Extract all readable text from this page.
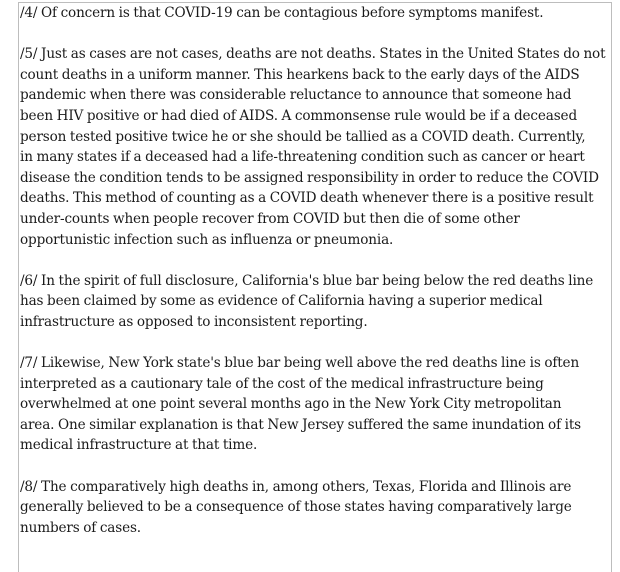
/4/ Of concern is that COVID-19 can be contagious before symptoms manifest.

/5/ Just as cases are not cases, deaths are not deaths. States in the United States do not
count deaths in a uniform manner. This hearkens back to the early days of the AIDS
pandemic when there was considerable reluctance to announce that someone had
been HIV positive or had died of AIDS. A commonsense rule would be if a deceased
person tested positive twice he or she should be tallied as a COVID death. Currently,
in many states if a deceased had a life-threatening condition such as cancer or heart
disease the condition tends to be assigned responsibility in order to reduce the COVID
deaths. This method of counting as a COVID death whenever there is a positive result
under-counts when people recover from COVID but then die of some other
opportunistic infection such as influenza or pneumonia.

/6/ In the spirit of full disclosure, California's blue bar being below the red deaths line
has been claimed by some as evidence of California having a superior medical
infrastructure as opposed to inconsistent reporting.

/7/ Likewise, New York state's blue bar being well above the red deaths line is often
interpreted as a cautionary tale of the cost of the medical infrastructure being
overwhelmed at one point several months ago in the New York City metropolitan
area. One similar explanation is that New Jersey suffered the same inundation of its
medical infrastructure at that time.

/8/ The comparatively high deaths in, among others, Texas, Florida and Illinois are
generally believed to be a consequence of those states having comparatively large
numbers of cases.
